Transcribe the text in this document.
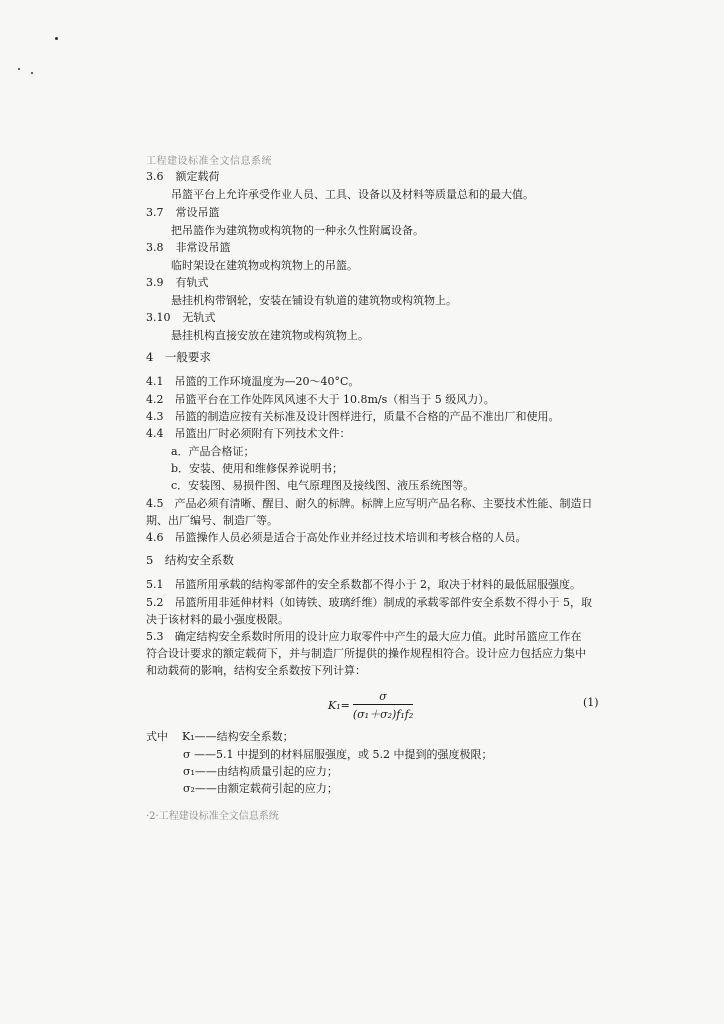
工程建设标准全文信息系统
3.6 额定载荷
吊篮平台上允许承受作业人员、工具、设备以及材料等质量总和的最大值。
3.7 常设吊篮
把吊篮作为建筑物或构筑物的一种永久性附属设备。
3.8 非常设吊篮
临时架设在建筑物或构筑物上的吊篮。
3.9 有轨式
悬挂机构带钢轮，安装在铺设有轨道的建筑物或构筑物上。
3.10 无轨式
悬挂机构直接安放在建筑物或构筑物上。
4　一般要求
4.1　吊篮的工作环境温度为—20～40°C。
4.2　吊篮平台在工作处阵风风速不大于 10.8m/s（相当于 5 级风力）。
4.3　吊篮的制造应按有关标准及设计图样进行，质量不合格的产品不准出厂和使用。
4.4　吊篮出厂时必须附有下列技术文件：
a．产品合格证；
b．安装、使用和维修保养说明书；
c．安装图、易损件图、电气原理图及接线图、液压系统图等。
4.5　产品必须有清晰、醒目、耐久的标牌。标牌上应写明产品名称、主要技术性能、制造日
期、出厂编号、制造厂等。
4.6　吊篮操作人员必须是适合于高处作业并经过技术培训和考核合格的人员。
5　结构安全系数
5.1　吊篮所用承载的结构零部件的安全系数都不得小于 2，取决于材料的最低屈服强度。
5.2　吊篮所用非延伸材料（如铸铁、玻璃纤维）制成的承载零部件安全系数不得小于 5，取
决于该材料的最小强度极限。
5.3　确定结构安全系数时所用的设计应力取零件中产生的最大应力值。此时吊篮应工作在
符合设计要求的额定载荷下，并与制造厂所提供的操作规程相符合。设计应力包括应力集中
和动载荷的影响，结构安全系数按下列计算：
$K_1= \frac{\sigma}{\text{(σ₁＋σ₂)f₁f₂}}$	(1)
式中 K₁——结构安全系数；
σ ——5.1 中提到的材料屈服强度，或 5.2 中提到的强度极限；
σ₁——由结构质量引起的应力；
σ₂——由额定载荷引起的应力；
·2·工程建设标准全文信息系统
